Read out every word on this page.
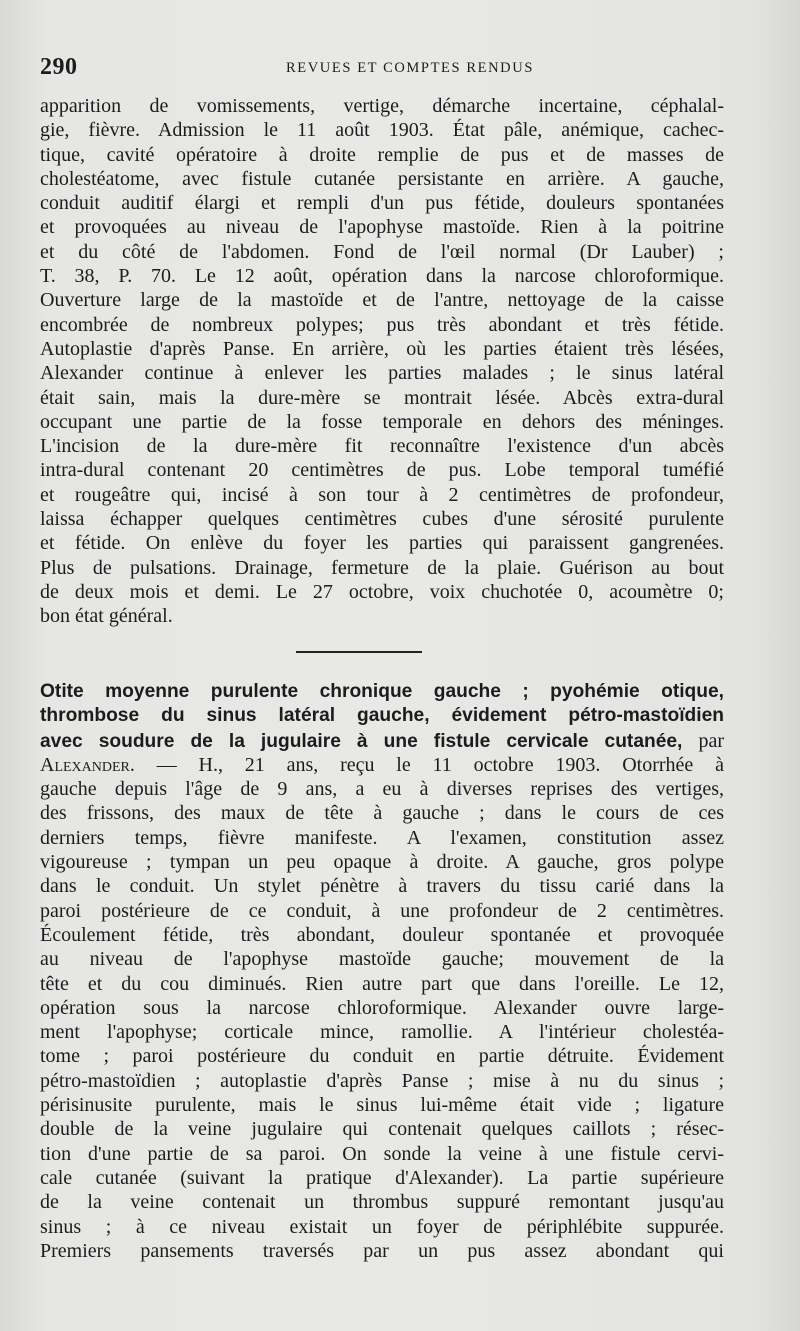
290	REVUES ET COMPTES RENDUS
apparition de vomissements, vertige, démarche incertaine, céphalal-
gie, fièvre. Admission le 11 août 1903. État pâle, anémique, cachec-
tique, cavité opératoire à droite remplie de pus et de masses de
cholestéatome, avec fistule cutanée persistante en arrière. A gauche,
conduit auditif élargi et rempli d'un pus fétide, douleurs spontanées
et provoquées au niveau de l'apophyse mastoïde. Rien à la poitrine
et du côté de l'abdomen. Fond de l'œil normal (Dr Lauber) ;
T. 38, P. 70. Le 12 août, opération dans la narcose chloroformique.
Ouverture large de la mastoïde et de l'antre, nettoyage de la caisse
encombrée de nombreux polypes; pus très abondant et très fétide.
Autoplastie d'après Panse. En arrière, où les parties étaient très lésées,
Alexander continue à enlever les parties malades ; le sinus latéral
était sain, mais la dure-mère se montrait lésée. Abcès extra-dural
occupant une partie de la fosse temporale en dehors des méninges.
L'incision de la dure-mère fit reconnaître l'existence d'un abcès
intra-dural contenant 20 centimètres de pus. Lobe temporal tuméfié
et rougeâtre qui, incisé à son tour à 2 centimètres de profondeur,
laissa échapper quelques centimètres cubes d'une sérosité purulente
et fétide. On enlève du foyer les parties qui paraissent gangrenées.
Plus de pulsations. Drainage, fermeture de la plaie. Guérison au bout
de deux mois et demi. Le 27 octobre, voix chuchotée 0, acoumètre 0;
bon état général.
Otite moyenne purulente chronique gauche ; pyohémie otique,
thrombose du sinus latéral gauche, évidement pétro-mastoïdien
avec soudure de la jugulaire à une fistule cervicale cutanée, par
Alexander. — H., 21 ans, reçu le 11 octobre 1903. Otorrhée à
gauche depuis l'âge de 9 ans, a eu à diverses reprises des vertiges,
des frissons, des maux de tête à gauche ; dans le cours de ces
derniers temps, fièvre manifeste. A l'examen, constitution assez
vigoureuse ; tympan un peu opaque à droite. A gauche, gros polype
dans le conduit. Un stylet pénètre à travers du tissu carié dans la
paroi postérieure de ce conduit, à une profondeur de 2 centimètres.
Écoulement fétide, très abondant, douleur spontanée et provoquée
au niveau de l'apophyse mastoïde gauche; mouvement de la
tête et du cou diminués. Rien autre part que dans l'oreille. Le 12,
opération sous la narcose chloroformique. Alexander ouvre large-
ment l'apophyse; corticale mince, ramollie. A l'intérieur cholestéa-
tome ; paroi postérieure du conduit en partie détruite. Évidement
pétro-mastoïdien ; autoplastie d'après Panse ; mise à nu du sinus ;
périsinusite purulente, mais le sinus lui-même était vide ; ligature
double de la veine jugulaire qui contenait quelques caillots ; résec-
tion d'une partie de sa paroi. On sonde la veine à une fistule cervi-
cale cutanée (suivant la pratique d'Alexander). La partie supérieure
de la veine contenait un thrombus suppuré remontant jusqu'au
sinus ; à ce niveau existait un foyer de périphlébite suppurée.
Premiers pansements traversés par un pus assez abondant qui
